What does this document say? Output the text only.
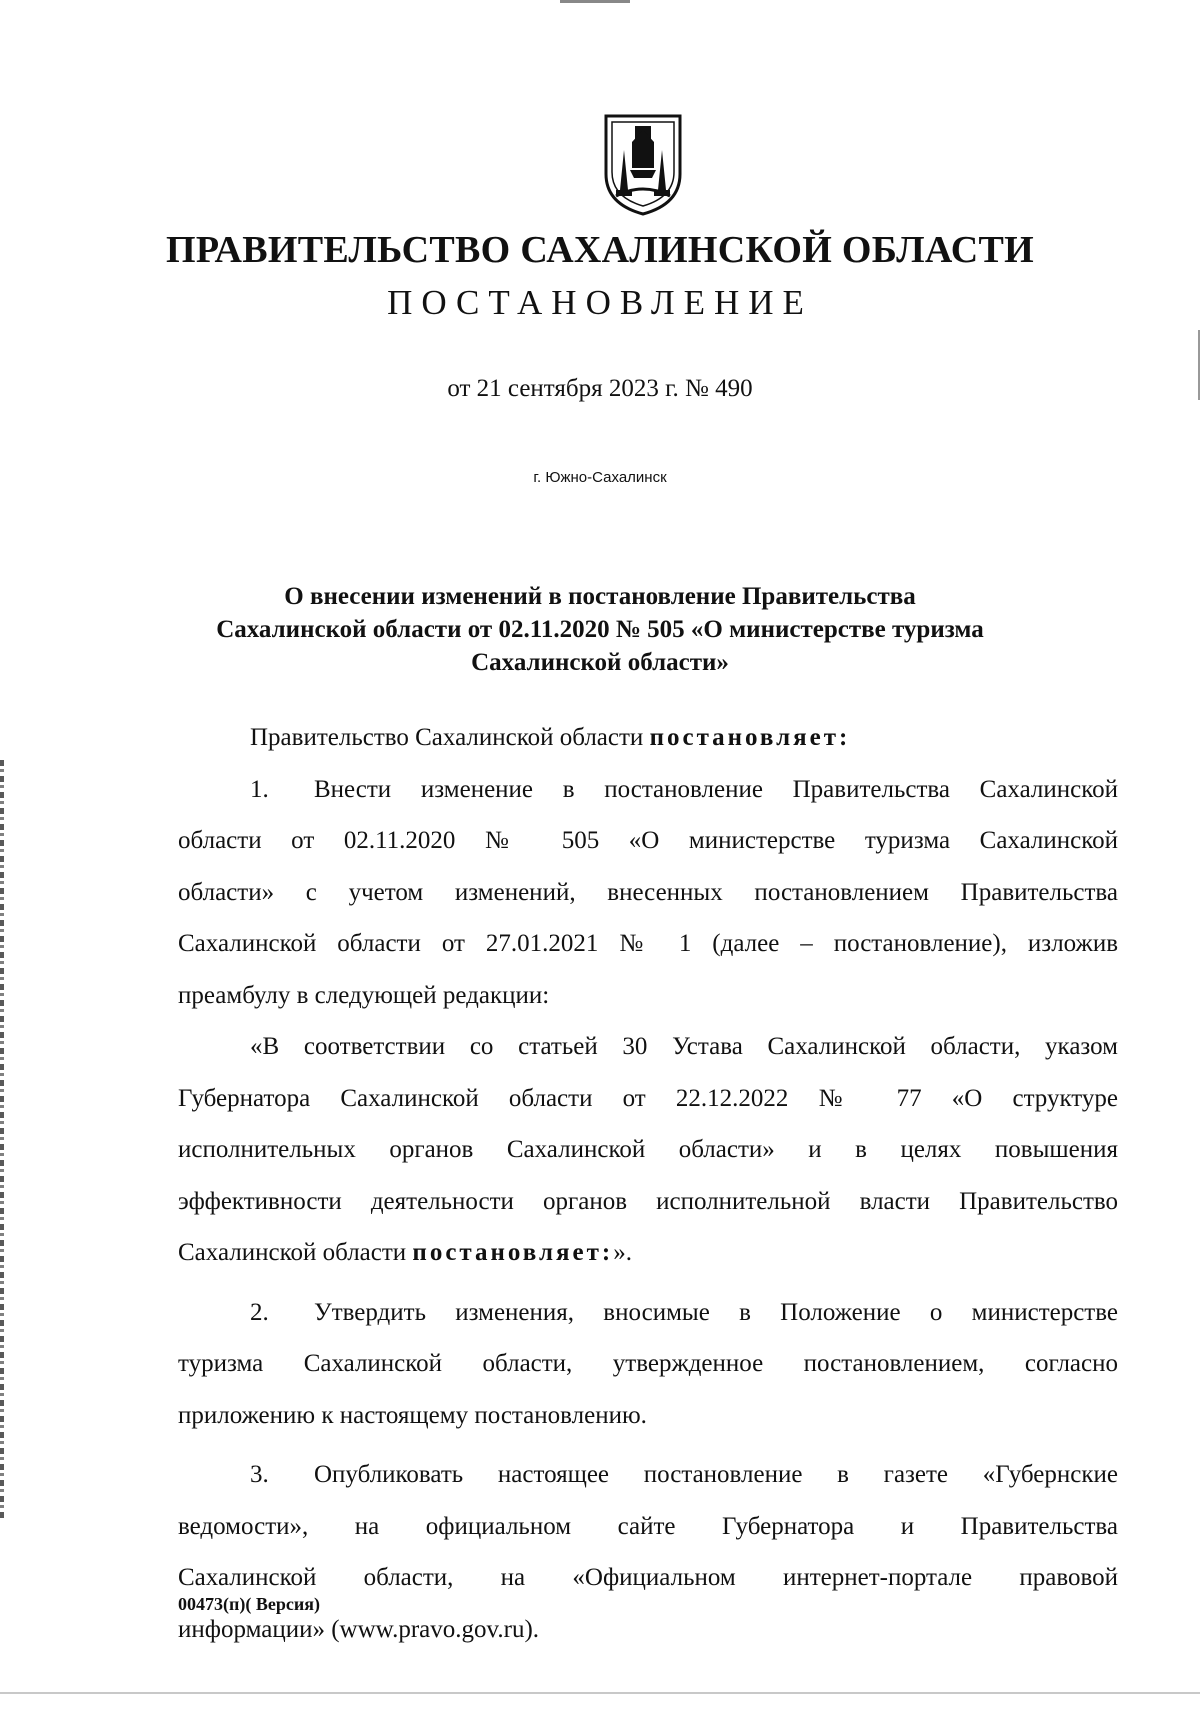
ПРАВИТЕЛЬСТВО САХАЛИНСКОЙ ОБЛАСТИ
ПОСТАНОВЛЕНИЕ
от 21 сентября 2023 г. № 490
г. Южно-Сахалинск
О внесении изменений в постановление Правительства
Сахалинской области от 02.11.2020 № 505 «О министерстве туризма
Сахалинской области»
Правительство Сахалинской области постановляет:
1. Внести изменение в постановление Правительства Сахалинской
области от 02.11.2020 № 505 «О министерстве туризма Сахалинской
области» с учетом изменений, внесенных постановлением Правительства
Сахалинской области от 27.01.2021 № 1 (далее – постановление), изложив
преамбулу в следующей редакции:
«В соответствии со статьей 30 Устава Сахалинской области, указом
Губернатора Сахалинской области от 22.12.2022 № 77 «О структуре
исполнительных органов Сахалинской области» и в целях повышения
эффективности деятельности органов исполнительной власти Правительство
Сахалинской области постановляет:».
2. Утвердить изменения, вносимые в Положение о министерстве
туризма Сахалинской области, утвержденное постановлением, согласно
приложению к настоящему постановлению.
3. Опубликовать настоящее постановление в газете «Губернские
ведомости», на официальном сайте Губернатора и Правительства
Сахалинской области, на «Официальном интернет-портале правовой
информации» (www.pravo.gov.ru).
00473(п)( Версия)
